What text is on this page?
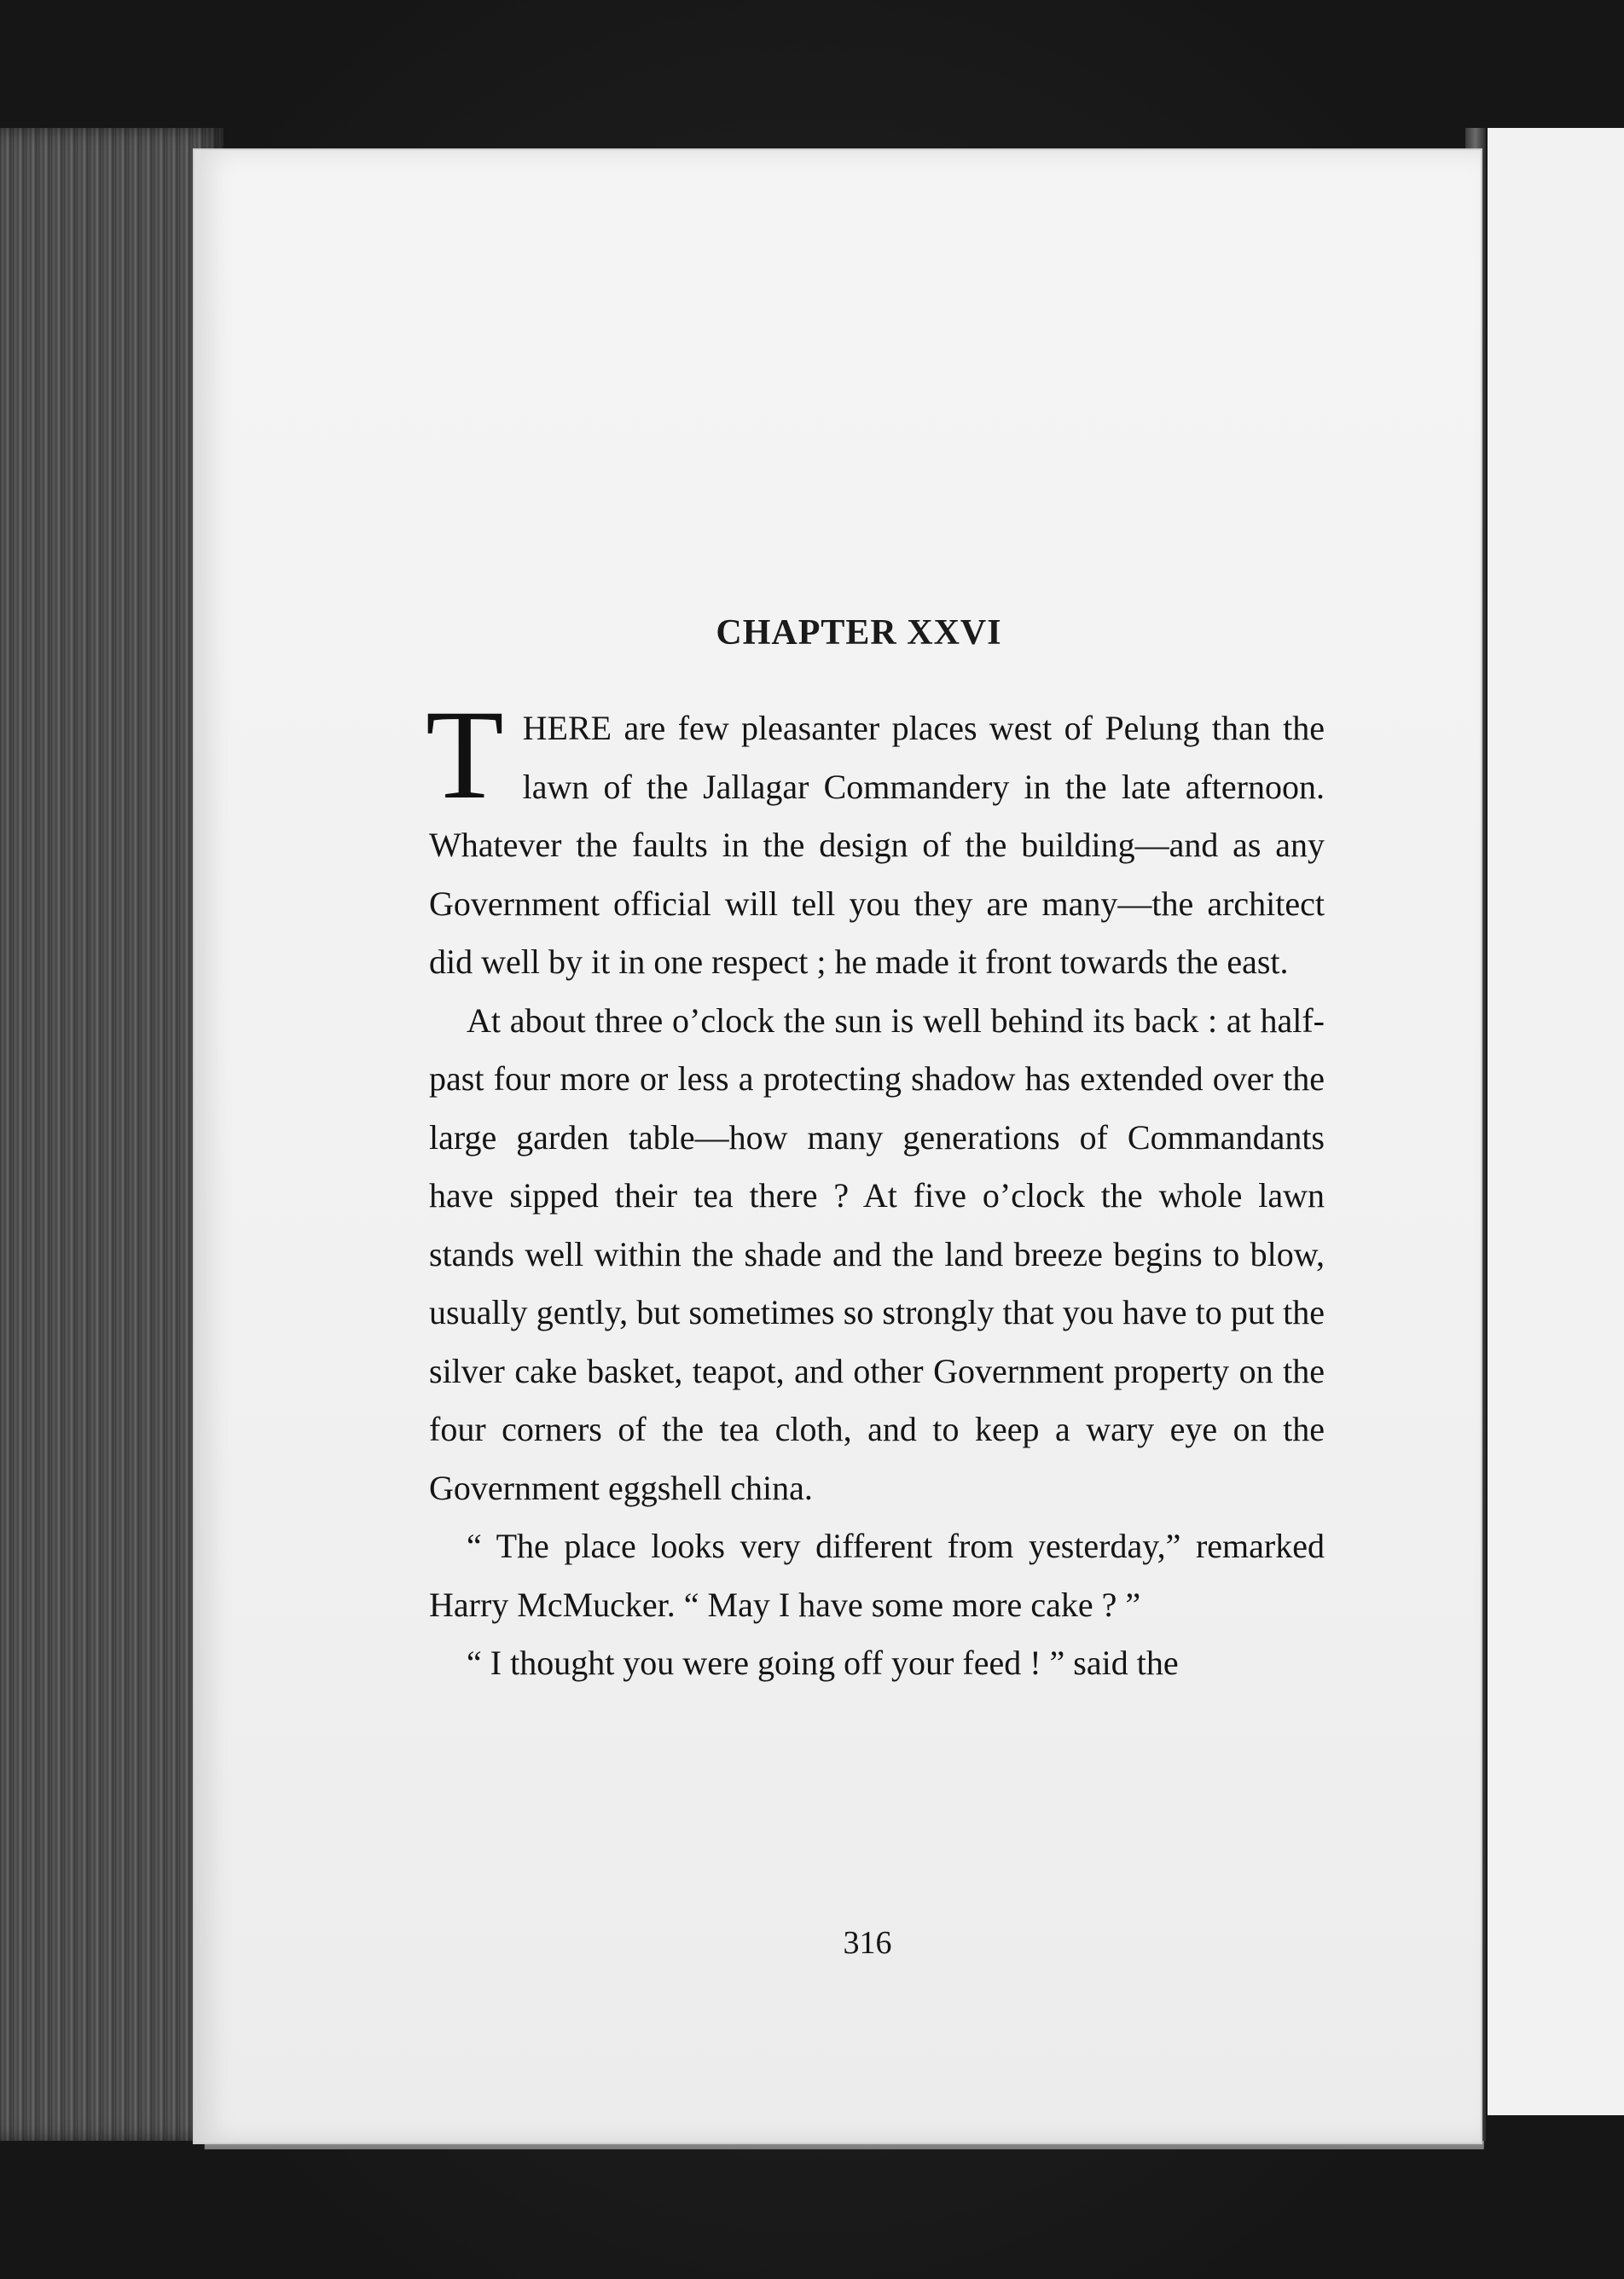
CHAPTER XXVI

THERE are few pleasanter places west of Pelung than the lawn of the Jallagar Commandery in the late afternoon. Whatever the faults in the design of the building—and as any Government official will tell you they are many—the architect did well by it in one respect ; he made it front towards the east.

At about three o’clock the sun is well behind its back : at half-past four more or less a protecting shadow has extended over the large garden table—how many generations of Commandants have sipped their tea there ? At five o’clock the whole lawn stands well within the shade and the land breeze begins to blow, usually gently, but sometimes so strongly that you have to put the silver cake basket, teapot, and other Government property on the four corners of the tea cloth, and to keep a wary eye on the Government eggshell china.

“ The place looks very different from yesterday,” remarked Harry McMucker. “ May I have some more cake ? ”

“ I thought you were going off your feed ! ” said the

316
